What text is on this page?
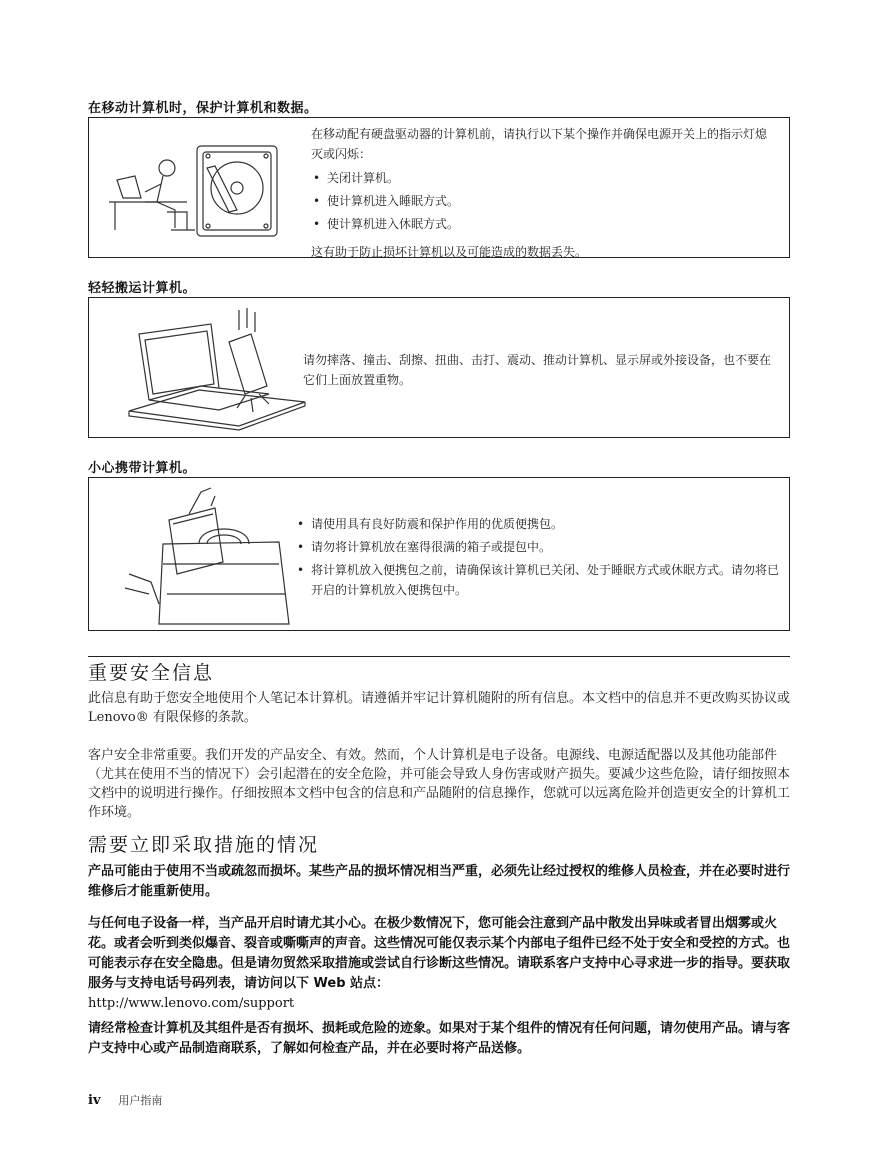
在移动计算机时，保护计算机和数据。
在移动配有硬盘驱动器的计算机前，请执行以下某个操作并确保电源开关上的指示灯熄灭或闪烁：
• 关闭计算机。
• 使计算机进入睡眠方式。
• 使计算机进入休眠方式。
这有助于防止损坏计算机以及可能造成的数据丢失。
轻轻搬运计算机。
请勿摔落、撞击、刮擦、扭曲、击打、震动、推动计算机、显示屏或外接设备，也不要在它们上面放置重物。
小心携带计算机。
• 请使用具有良好防震和保护作用的优质便携包。
• 请勿将计算机放在塞得很满的箱子或提包中。
• 将计算机放入便携包之前，请确保该计算机已关闭、处于睡眠方式或休眠方式。请勿将已开启的计算机放入便携包中。
重要安全信息
此信息有助于您安全地使用个人笔记本计算机。请遵循并牢记计算机随附的所有信息。本文档中的信息并不更改购买协议或 Lenovo® 有限保修的条款。
客户安全非常重要。我们开发的产品安全、有效。然而，个人计算机是电子设备。电源线、电源适配器以及其他功能部件（尤其在使用不当的情况下）会引起潜在的安全危险，并可能会导致人身伤害或财产损失。要减少这些危险，请仔细按照本文档中的说明进行操作。仔细按照本文档中包含的信息和产品随附的信息操作，您就可以远离危险并创造更安全的计算机工作环境。
需要立即采取措施的情况
产品可能由于使用不当或疏忽而损坏。某些产品的损坏情况相当严重，必须先让经过授权的维修人员检查，并在必要时进行维修后才能重新使用。
与任何电子设备一样，当产品开启时请尤其小心。在极少数情况下，您可能会注意到产品中散发出异味或者冒出烟雾或火花。或者会听到类似爆音、裂音或嘶嘶声的声音。这些情况可能仅表示某个内部电子组件已经不处于安全和受控的方式。也可能表示存在安全隐患。但是请勿贸然采取措施或尝试自行诊断这些情况。请联系客户支持中心寻求进一步的指导。要获取服务与支持电话号码列表，请访问以下 Web 站点：
http://www.lenovo.com/support
请经常检查计算机及其组件是否有损坏、损耗或危险的迹象。如果对于某个组件的情况有任何问题，请勿使用产品。请与客户支持中心或产品制造商联系，了解如何检查产品，并在必要时将产品送修。
iv 用户指南
